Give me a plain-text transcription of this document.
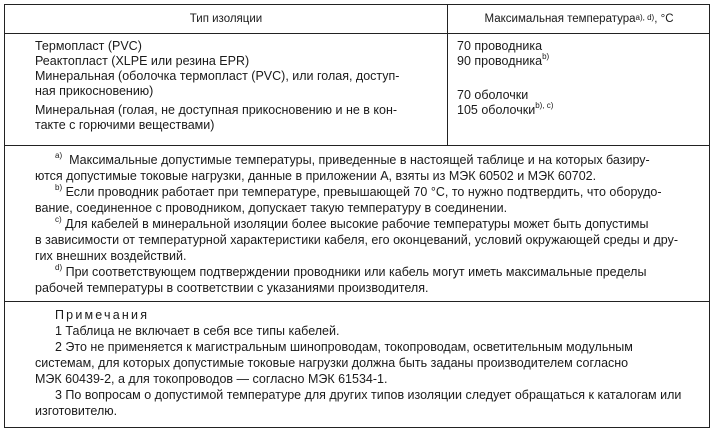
Тип изоляции	Максимальная температура$^{a), d)}$ , °C
Термопласт (PVC)
Реактопласт (XLPE или резина EPR)
Минеральная (оболочка термопласт (PVC), или голая, доступ-
ная прикосновению)
Минеральная (голая, не доступная прикосновению и не в кон-
такте с горючими веществами)
70 проводника
90 проводника$^{b)}$
70 оболочки
105 оболочки$^{b), c)}$
$^{a)}$ Максимальные допустимые температуры, приведенные в настоящей таблице и на которых базиру-
ются допустимые токовые нагрузки, данные в приложении А, взяты из МЭК 60502 и МЭК 60702.
$^{b)}$ Если проводник работает при температуре, превышающей 70 °C, то нужно подтвердить, что оборудо-
вание, соединенное с проводником, допускает такую температуру в соединении.
$^{c)}$ Для кабелей в минеральной изоляции более высокие рабочие температуры может быть допустимы
в зависимости от температурной характеристики кабеля, его оконцеваний, условий окружающей среды и дру-
гих внешних воздействий.
$^{d)}$ При соответствующем подтверждении проводники или кабель могут иметь максимальные пределы
рабочей температуры в соответствии с указаниями производителя.
Примечания
1 Таблица не включает в себя все типы кабелей.
2 Это не применяется к магистральным шинопроводам, токопроводам, осветительным модульным
системам, для которых допустимые токовые нагрузки должна быть заданы производителем согласно
МЭК 60439-2, а для токопроводов — согласно МЭК 61534-1.
3 По вопросам о допустимой температуре для других типов изоляции следует обращаться к каталогам или
изготовителю.
